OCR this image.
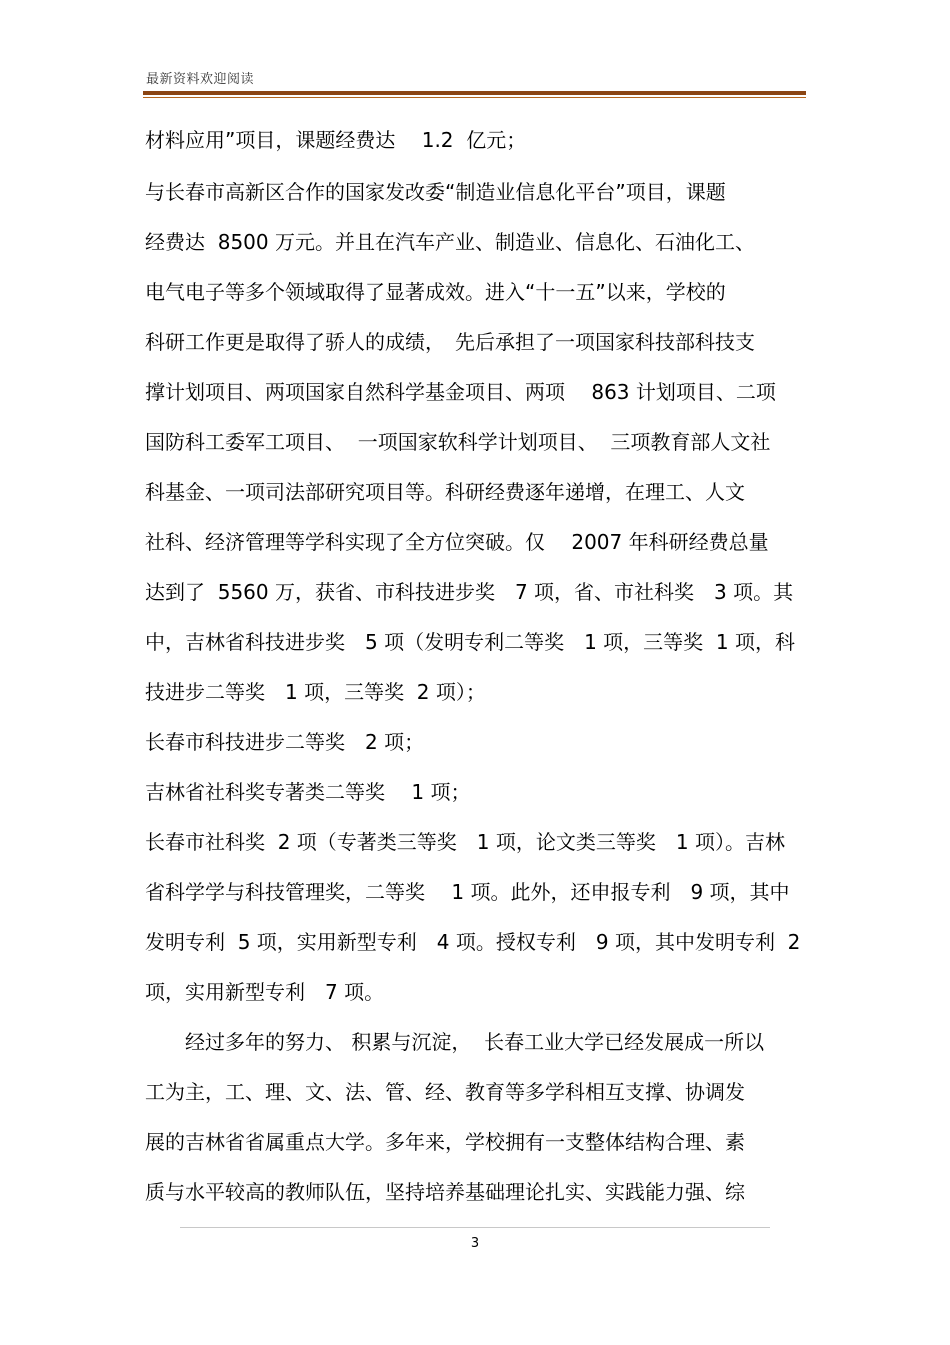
最新资料欢迎阅读
材料应用”项目，课题经费达　 1.2  亿元；
与长春市高新区合作的国家发改委“制造业信息化平台”项目，课题
经费达  8500 万元。并且在汽车产业、制造业、信息化、石油化工、
电气电子等多个领域取得了显著成效。进入“十一五”以来，学校的
科研工作更是取得了骄人的成绩，　先后承担了一项国家科技部科技支
撑计划项目、两项国家自然科学基金项目、两项　 863 计划项目、二项
国防科工委军工项目、  一项国家软科学计划项目、  三项教育部人文社
科基金、一项司法部研究项目等。科研经费逐年递增，在理工、人文
社科、经济管理等学科实现了全方位突破。仅　 2007 年科研经费总量
达到了  5560 万，获省、市科技进步奖　7 项，省、市社科奖　3 项。其
中，吉林省科技进步奖　5 项（发明专利二等奖　1 项，三等奖  1 项，科
技进步二等奖　1 项，三等奖  2 项）；
长春市科技进步二等奖　2 项；
吉林省社科奖专著类二等奖　 1 项；
长春市社科奖  2 项（专著类三等奖　1 项，论文类三等奖　1 项）。吉林
省科学学与科技管理奖，二等奖　 1 项。此外，还申报专利　9 项，其中
发明专利  5 项，实用新型专利　4 项。授权专利　9 项，其中发明专利  2
项，实用新型专利　7 项。
　　经过多年的努力、 积累与沉淀，  长春工业大学已经发展成一所以
工为主，工、理、文、法、管、经、教育等多学科相互支撑、协调发
展的吉林省省属重点大学。多年来，学校拥有一支整体结构合理、素
质与水平较高的教师队伍，坚持培养基础理论扎实、实践能力强、综
3
